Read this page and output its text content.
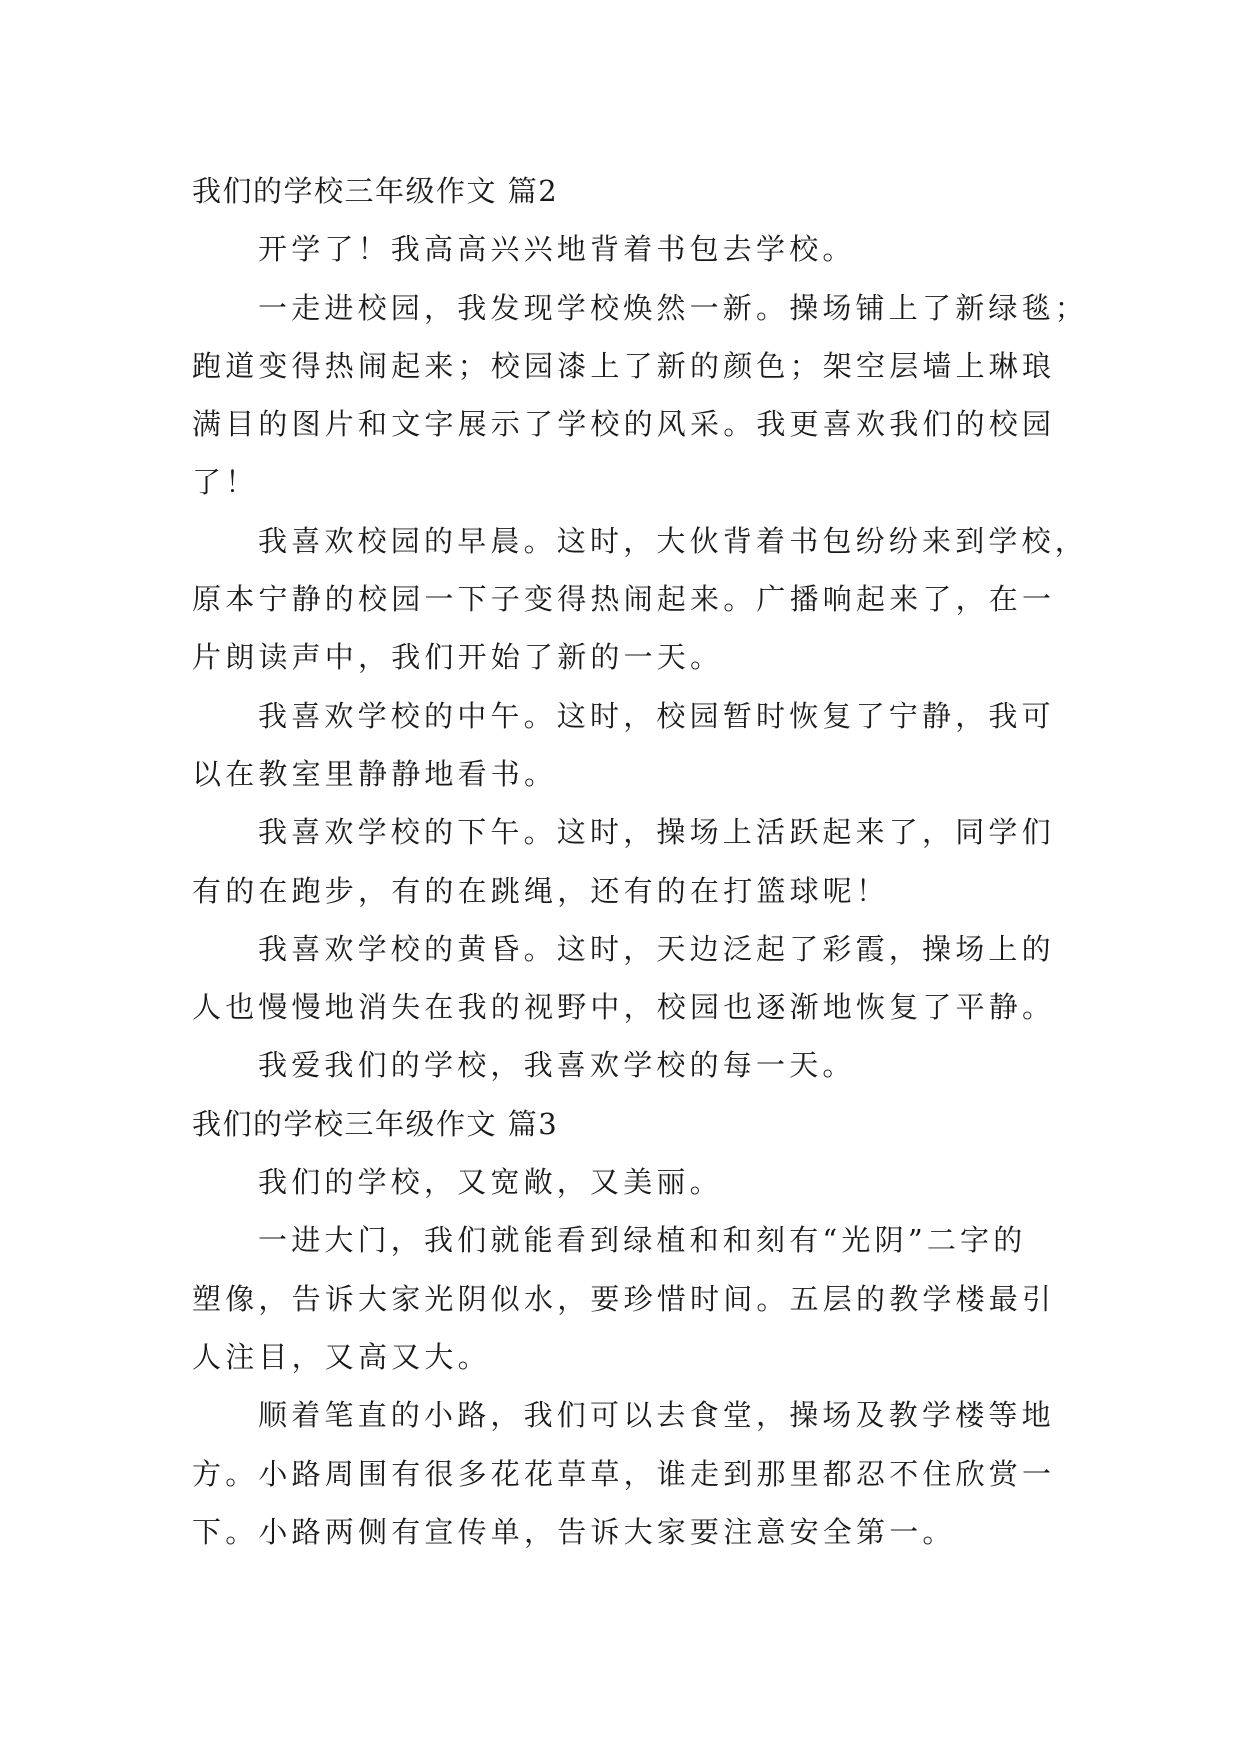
我们的学校三年级作文 篇2
开学了！我高高兴兴地背着书包去学校。
一走进校园，我发现学校焕然一新。操场铺上了新绿毯；
跑道变得热闹起来；校园漆上了新的颜色；架空层墙上琳琅
满目的图片和文字展示了学校的风采。我更喜欢我们的校园
了！
我喜欢校园的早晨。这时，大伙背着书包纷纷来到学校，
原本宁静的校园一下子变得热闹起来。广播响起来了，在一
片朗读声中，我们开始了新的一天。
我喜欢学校的中午。这时，校园暂时恢复了宁静，我可
以在教室里静静地看书。
我喜欢学校的下午。这时，操场上活跃起来了，同学们
有的在跑步，有的在跳绳，还有的在打篮球呢！
我喜欢学校的黄昏。这时，天边泛起了彩霞，操场上的
人也慢慢地消失在我的视野中，校园也逐渐地恢复了平静。
我爱我们的学校，我喜欢学校的每一天。
我们的学校三年级作文 篇3
我们的学校，又宽敞，又美丽。
一进大门，我们就能看到绿植和和刻有“光阴”二字的
塑像，告诉大家光阴似水，要珍惜时间。五层的教学楼最引
人注目，又高又大。
顺着笔直的小路，我们可以去食堂，操场及教学楼等地
方。小路周围有很多花花草草，谁走到那里都忍不住欣赏一
下。小路两侧有宣传单，告诉大家要注意安全第一。
